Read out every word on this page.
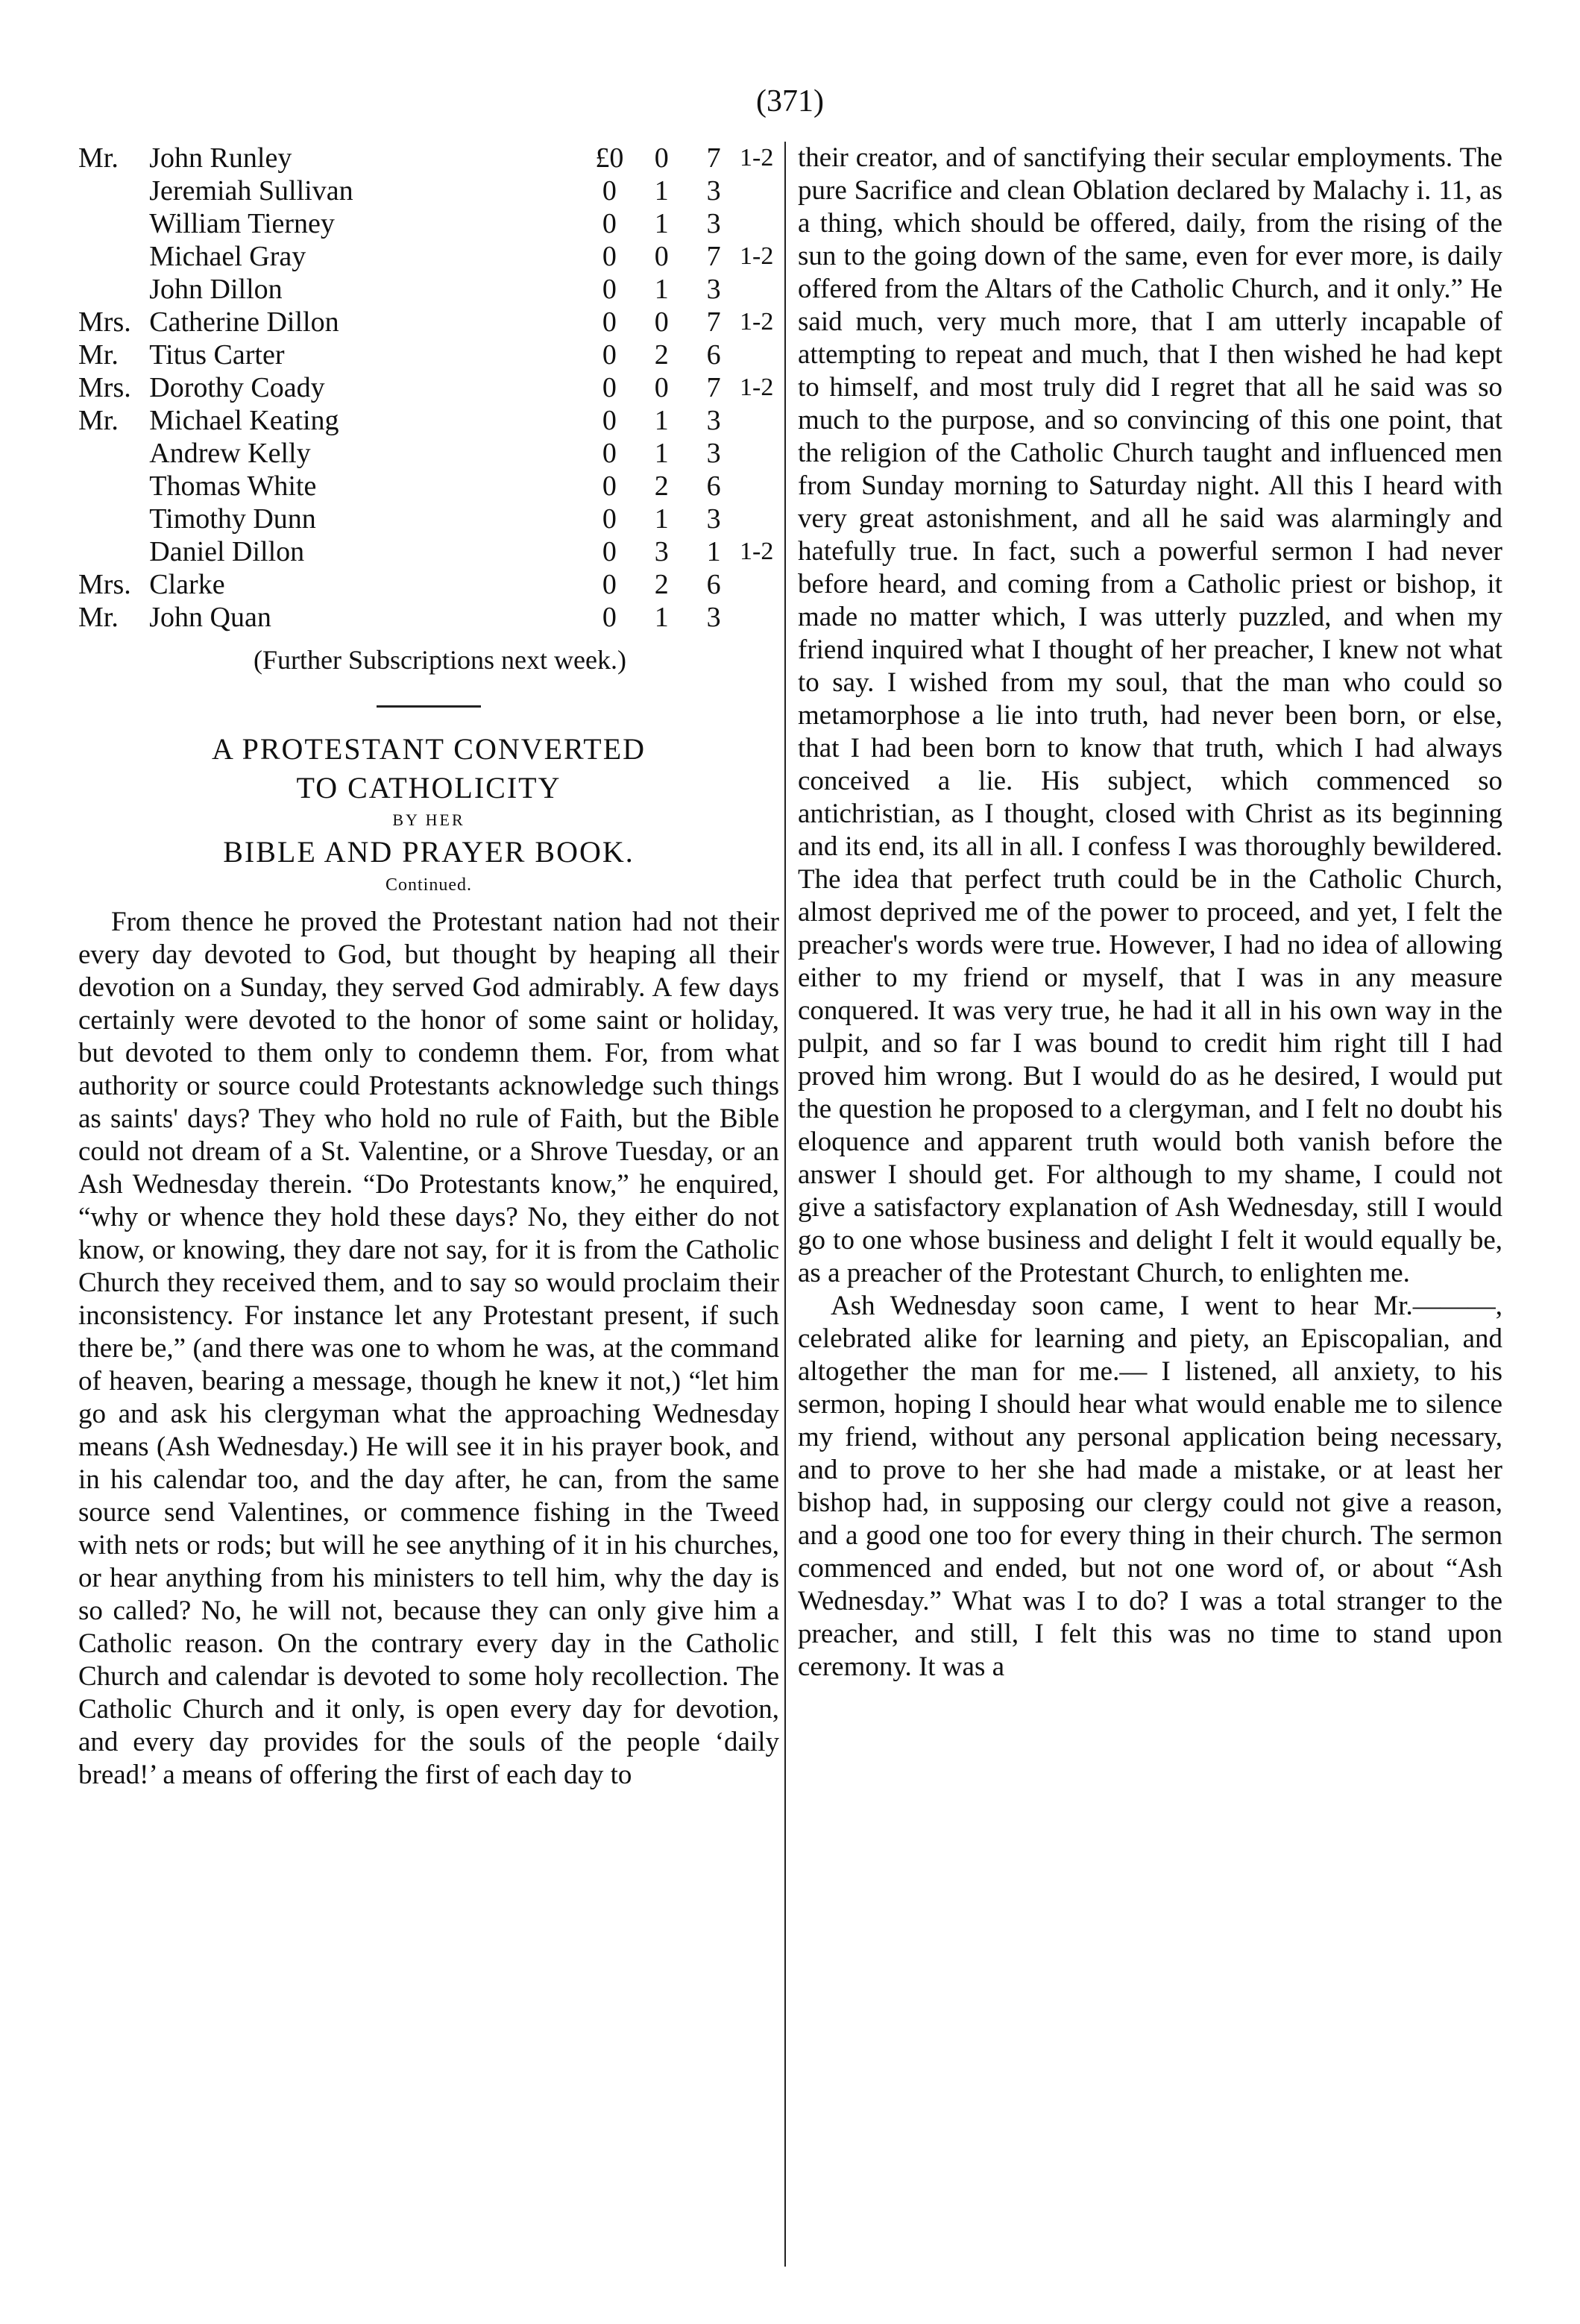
(371)
Mr.	John Runley	£0	0	7	1-2
	Jeremiah Sullivan	0	1	3	
	William Tierney	0	1	3	
	Michael Gray	0	0	7	1-2
	John Dillon	0	1	3	
Mrs.	Catherine Dillon	0	0	7	1-2
Mr.	Titus Carter	0	2	6	
Mrs.	Dorothy Coady	0	0	7	1-2
Mr.	Michael Keating	0	1	3	
	Andrew Kelly	0	1	3	
	Thomas White	0	2	6	
	Timothy Dunn	0	1	3	
	Daniel Dillon	0	3	1	1-2
Mrs.	Clarke	0	2	6	
Mr.	John Quan	0	1	3	

(Further Subscriptions next week.)

A PROTESTANT CONVERTED

TO CATHOLICITY

BY HER

BIBLE AND PRAYER BOOK.

Continued.

From thence he proved the Protestant nation had not their every day devoted to God, but thought by heaping all their devotion on a Sunday, they served God admirably. A few days certainly were devoted to the honor of some saint or holiday, but devoted to them only to condemn them. For, from what authority or source could Protestants acknowledge such things as saints' days? They who hold no rule of Faith, but the Bible could not dream of a St. Valentine, or a Shrove Tuesday, or an Ash Wednesday therein. “Do Protestants know,” he enquired, “why or whence they hold these days? No, they either do not know, or knowing, they dare not say, for it is from the Catholic Church they received them, and to say so would proclaim their inconsistency. For instance let any Protestant present, if such there be,” (and there was one to whom he was, at the command of heaven, bearing a message, though he knew it not,) “let him go and ask his clergyman what the approaching Wednesday means (Ash Wednesday.) He will see it in his prayer book, and in his calendar too, and the day after, he can, from the same source send Valentines, or commence fishing in the Tweed with nets or rods; but will he see anything of it in his churches, or hear anything from his ministers to tell him, why the day is so called? No, he will not, because they can only give him a Catholic reason. On the contrary every day in the Catholic Church and calendar is devoted to some holy recollection. The Catholic Church and it only, is open every day for devotion, and every day provides for the souls of the people ‘daily bread!’ a means of offering the first of each day to

their creator, and of sanctifying their secular employments. The pure Sacrifice and clean Oblation declared by Malachy i. 11, as a thing, which should be offered, daily, from the rising of the sun to the going down of the same, even for ever more, is daily offered from the Altars of the Catholic Church, and it only.” He said much, very much more, that I am utterly incapable of attempting to repeat and much, that I then wished he had kept to himself, and most truly did I regret that all he said was so much to the purpose, and so convincing of this one point, that the religion of the Catholic Church taught and influenced men from Sunday morning to Saturday night. All this I heard with very great astonishment, and all he said was alarmingly and hatefully true. In fact, such a powerful sermon I had never before heard, and coming from a Catholic priest or bishop, it made no matter which, I was utterly puzzled, and when my friend inquired what I thought of her preacher, I knew not what to say. I wished from my soul, that the man who could so metamorphose a lie into truth, had never been born, or else, that I had been born to know that truth, which I had always conceived a lie. His subject, which commenced so antichristian, as I thought, closed with Christ as its beginning and its end, its all in all. I confess I was thoroughly bewildered. The idea that perfect truth could be in the Catholic Church, almost deprived me of the power to proceed, and yet, I felt the preacher's words were true. However, I had no idea of allowing either to my friend or myself, that I was in any measure conquered. It was very true, he had it all in his own way in the pulpit, and so far I was bound to credit him right till I had proved him wrong. But I would do as he desired, I would put the question he proposed to a clergyman, and I felt no doubt his eloquence and apparent truth would both vanish before the answer I should get. For although to my shame, I could not give a satisfactory explanation of Ash Wednesday, still I would go to one whose business and delight I felt it would equally be, as a preacher of the Protestant Church, to enlighten me.

Ash Wednesday soon came, I went to hear Mr.———, celebrated alike for learning and piety, an Episcopalian, and altogether the man for me.— I listened, all anxiety, to his sermon, hoping I should hear what would enable me to silence my friend, without any personal application being necessary, and to prove to her she had made a mistake, or at least her bishop had, in supposing our clergy could not give a reason, and a good one too for every thing in their church. The sermon commenced and ended, but not one word of, or about “Ash Wednesday.” What was I to do? I was a total stranger to the preacher, and still, I felt this was no time to stand upon ceremony. It was a
